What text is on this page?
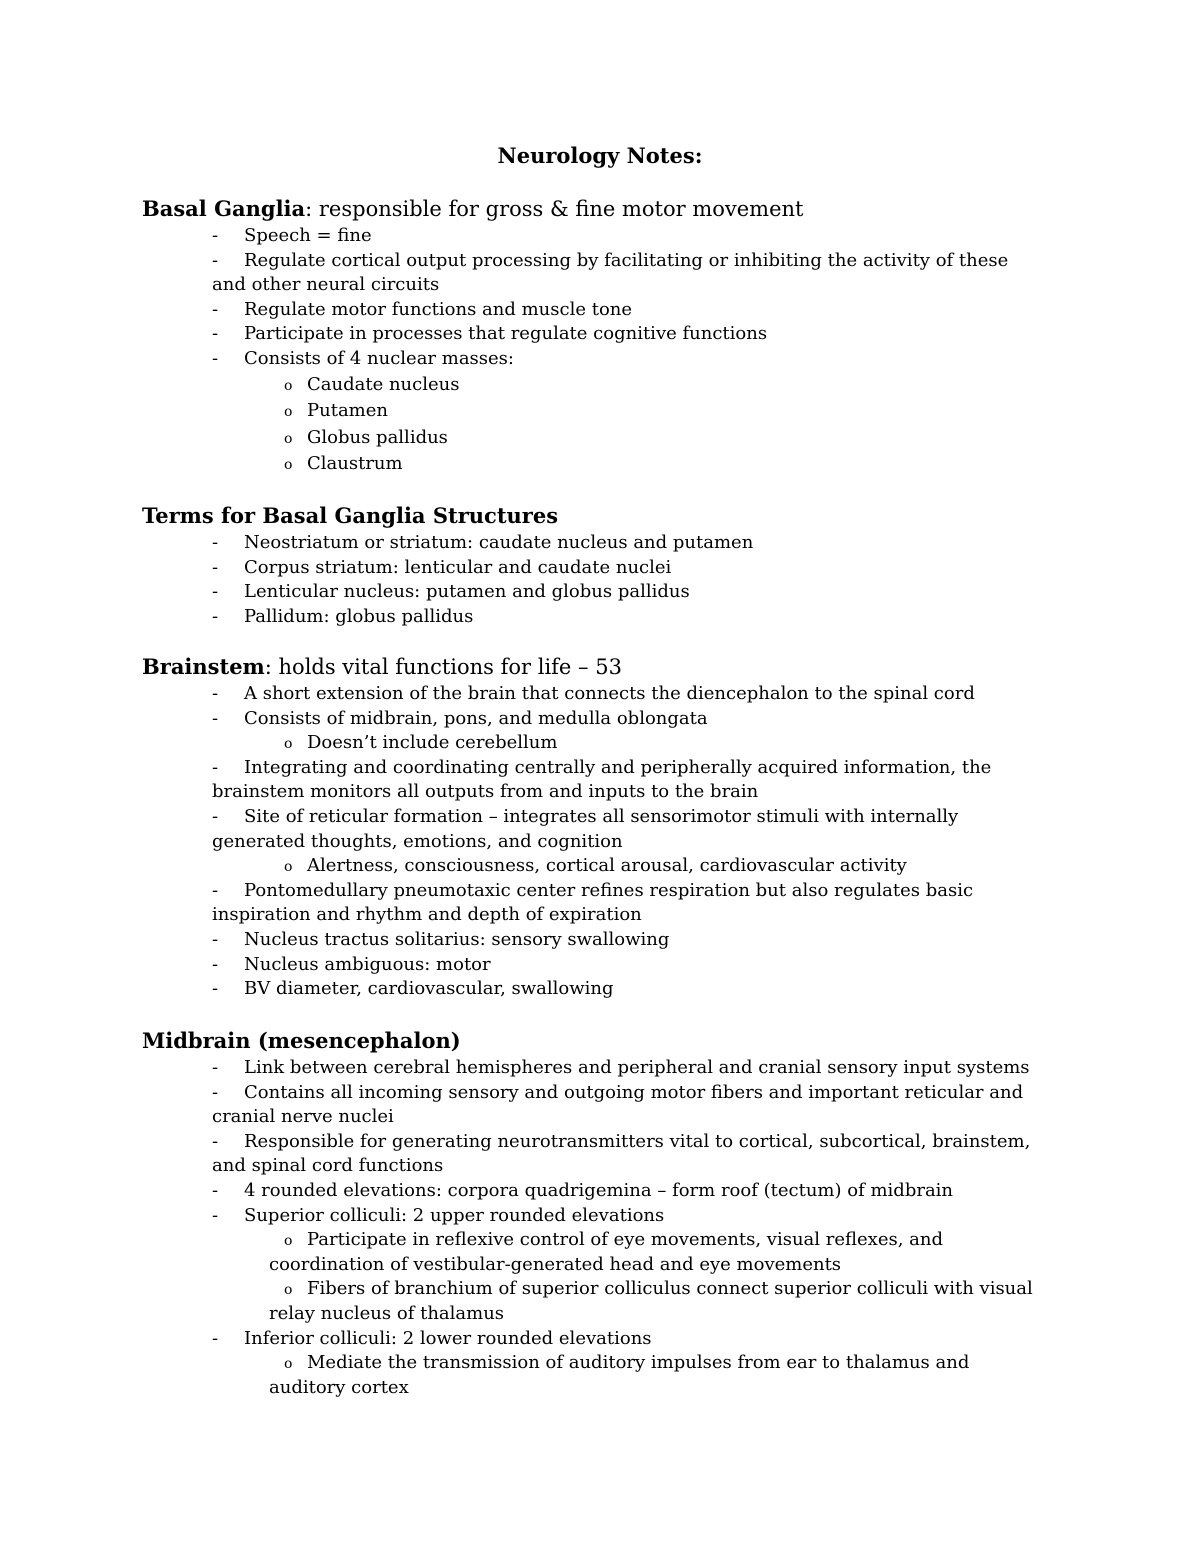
Neurology Notes:
Basal Ganglia: responsible for gross & fine motor movement
- Speech = fine
- Regulate cortical output processing by facilitating or inhibiting the activity of these
and other neural circuits
- Regulate motor functions and muscle tone
- Participate in processes that regulate cognitive functions
- Consists of 4 nuclear masses:
o Caudate nucleus
o Putamen
o Globus pallidus
o Claustrum
Terms for Basal Ganglia Structures
- Neostriatum or striatum: caudate nucleus and putamen
- Corpus striatum: lenticular and caudate nuclei
- Lenticular nucleus: putamen and globus pallidus
- Pallidum: globus pallidus
Brainstem: holds vital functions for life – 53
- A short extension of the brain that connects the diencephalon to the spinal cord
- Consists of midbrain, pons, and medulla oblongata
o Doesn’t include cerebellum
- Integrating and coordinating centrally and peripherally acquired information, the
brainstem monitors all outputs from and inputs to the brain
- Site of reticular formation – integrates all sensorimotor stimuli with internally
generated thoughts, emotions, and cognition
o Alertness, consciousness, cortical arousal, cardiovascular activity
- Pontomedullary pneumotaxic center refines respiration but also regulates basic
inspiration and rhythm and depth of expiration
- Nucleus tractus solitarius: sensory swallowing
- Nucleus ambiguous: motor
- BV diameter, cardiovascular, swallowing
Midbrain (mesencephalon)
- Link between cerebral hemispheres and peripheral and cranial sensory input systems
- Contains all incoming sensory and outgoing motor fibers and important reticular and
cranial nerve nuclei
- Responsible for generating neurotransmitters vital to cortical, subcortical, brainstem,
and spinal cord functions
- 4 rounded elevations: corpora quadrigemina – form roof (tectum) of midbrain
- Superior colliculi: 2 upper rounded elevations
o Participate in reflexive control of eye movements, visual reflexes, and
coordination of vestibular-generated head and eye movements
o Fibers of branchium of superior colliculus connect superior colliculi with visual
relay nucleus of thalamus
- Inferior colliculi: 2 lower rounded elevations
o Mediate the transmission of auditory impulses from ear to thalamus and
auditory cortex
